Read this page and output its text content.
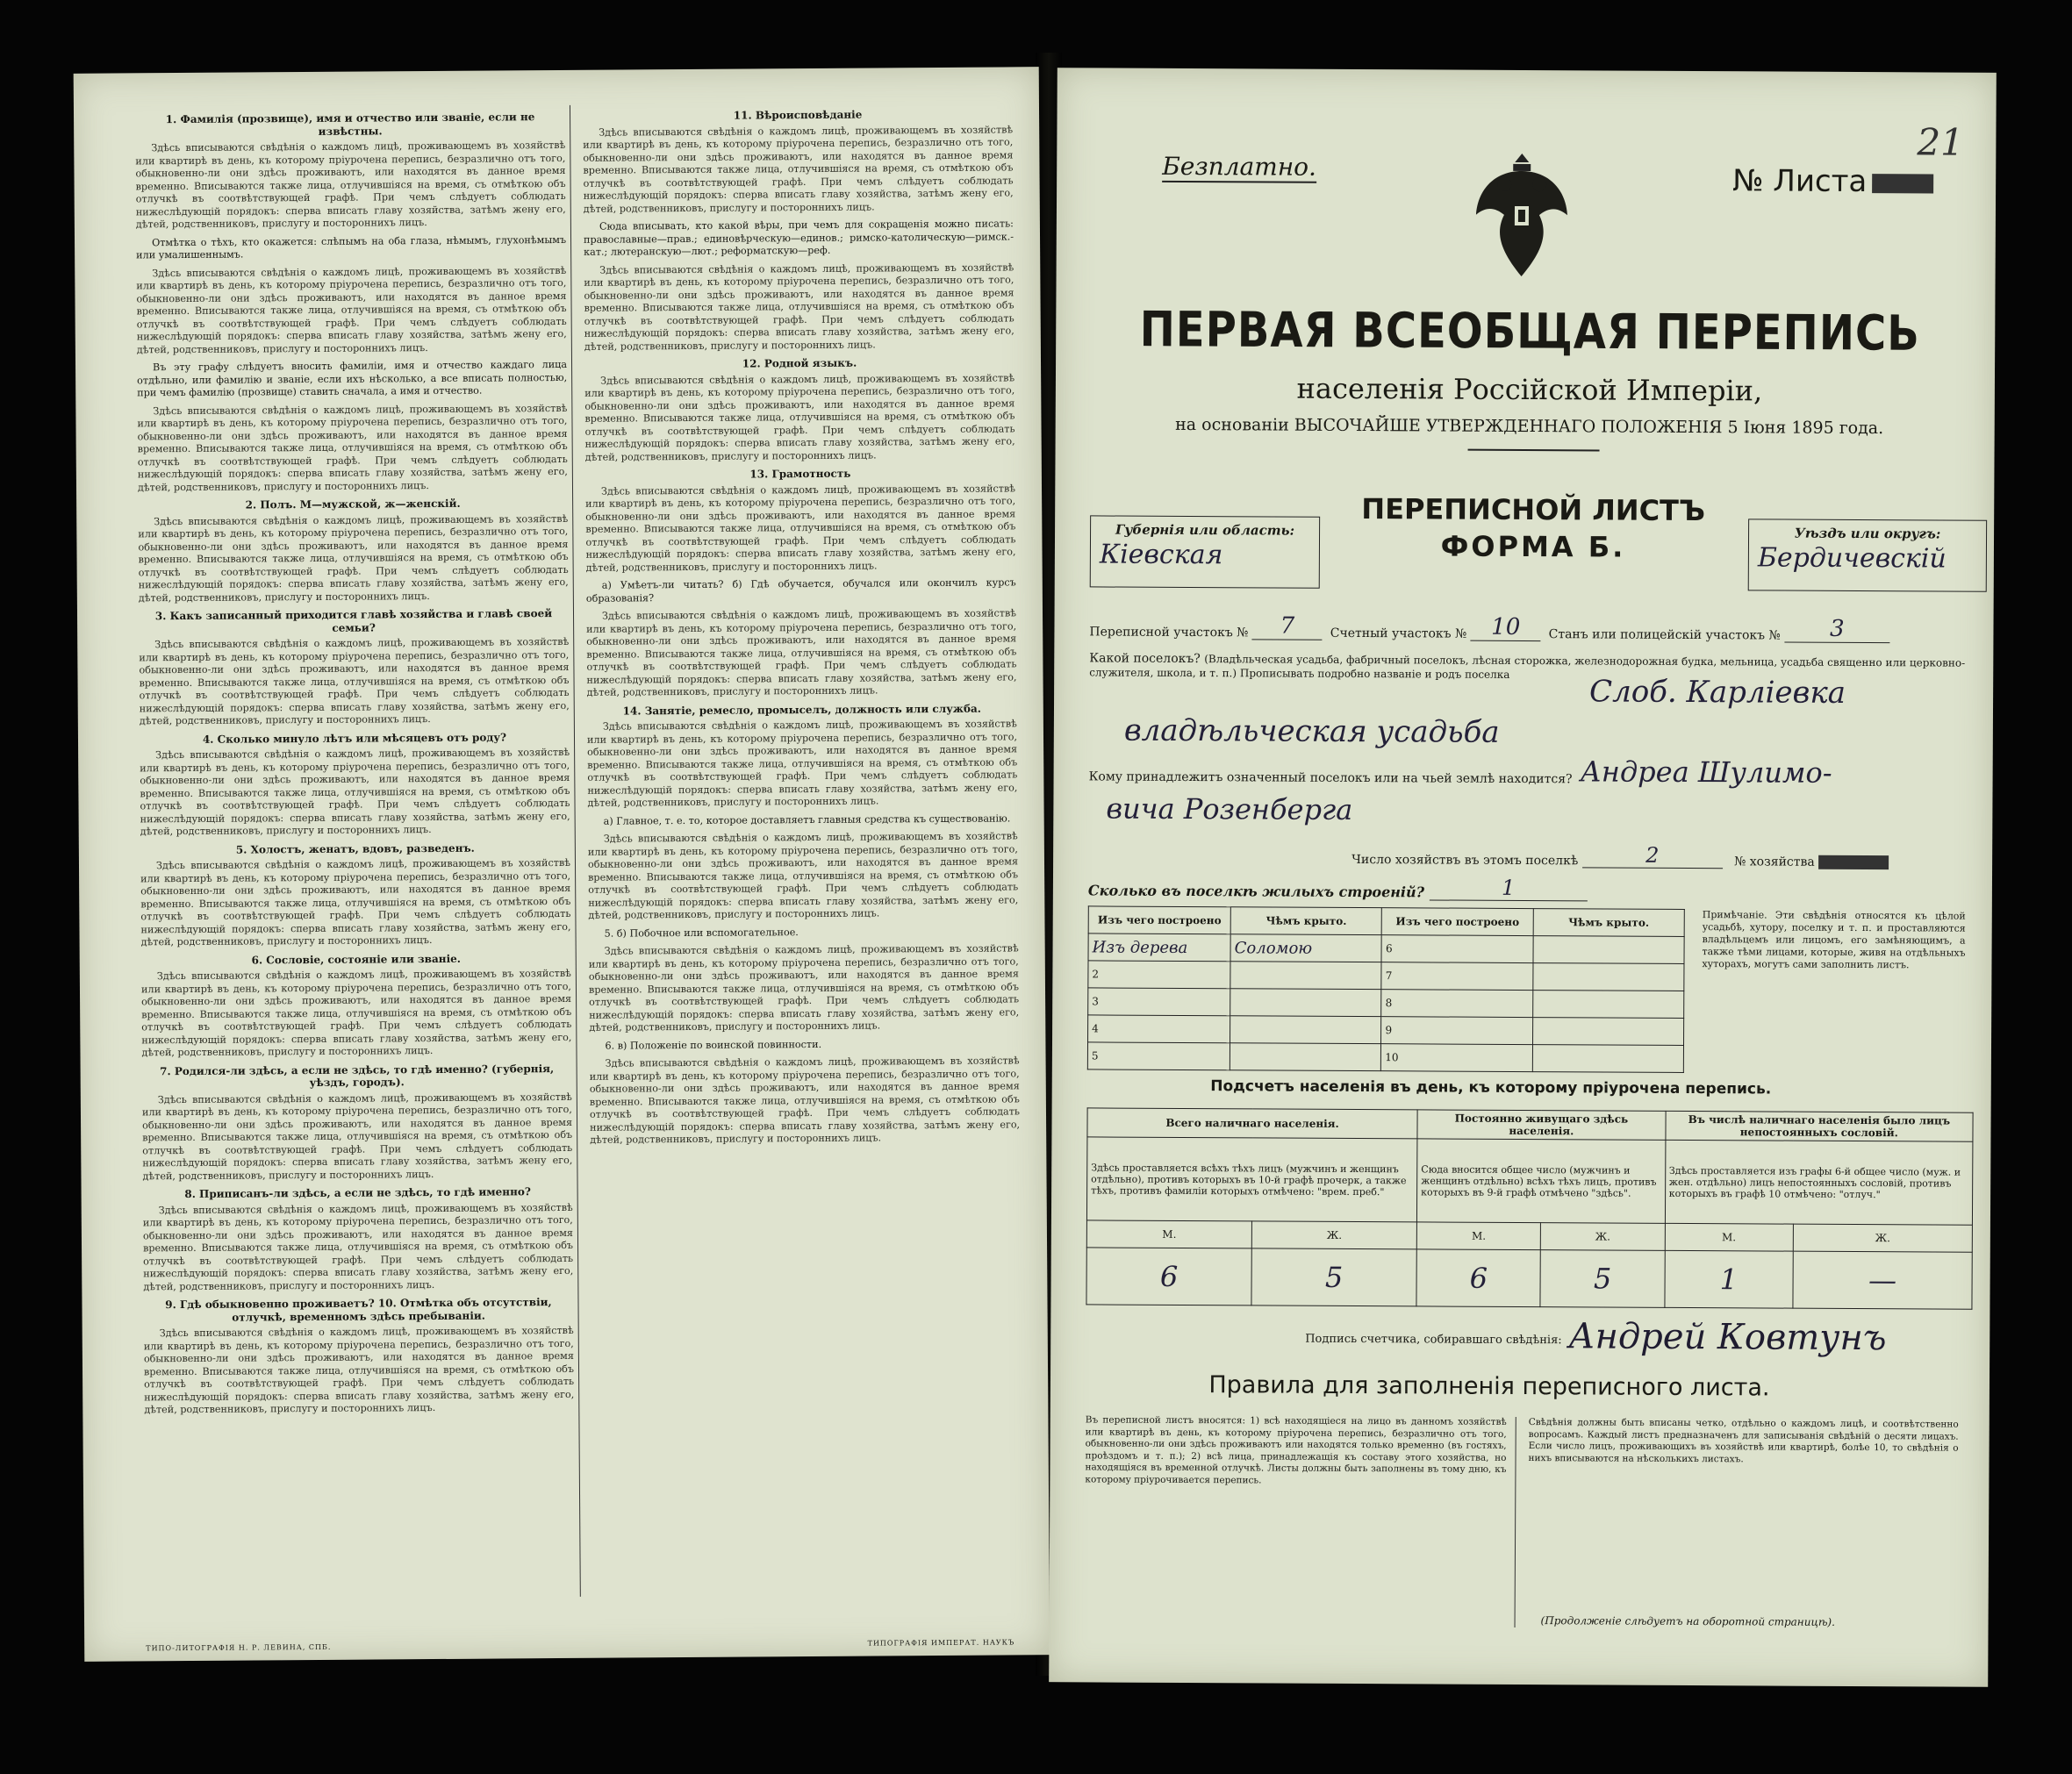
1. Фамилія (прозвище), имя и отчество или званіе, если не извѣстны.
Здѣсь вписываются свѣдѣнія о каждомъ лицѣ, проживающемъ въ хозяйствѣ или квартирѣ въ день, къ которому пріурочена перепись, безразлично отъ того, обыкновенно-ли они здѣсь проживаютъ, или находятся въ данное время временно. Вписываются также лица, отлучившіяся на время, съ отмѣткою объ отлучкѣ въ соотвѣтствующей графѣ. При чемъ слѣдуетъ соблюдать нижеслѣдующій порядокъ: сперва вписать главу хозяйства, затѣмъ жену его, дѣтей, родственниковъ, прислугу и постороннихъ лицъ.
Отмѣтка о тѣхъ, кто окажется: слѣпымъ на оба глаза, нѣмымъ, глухонѣмымъ или умалишеннымъ.
Здѣсь вписываются свѣдѣнія о каждомъ лицѣ, проживающемъ въ хозяйствѣ или квартирѣ въ день, къ которому пріурочена перепись, безразлично отъ того, обыкновенно-ли они здѣсь проживаютъ, или находятся въ данное время временно. Вписываются также лица, отлучившіяся на время, съ отмѣткою объ отлучкѣ въ соотвѣтствующей графѣ. При чемъ слѣдуетъ соблюдать нижеслѣдующій порядокъ: сперва вписать главу хозяйства, затѣмъ жену его, дѣтей, родственниковъ, прислугу и постороннихъ лицъ.
Въ эту графу слѣдуетъ вносить фамиліи, имя и отчество каждаго лица отдѣльно, или фамилію и званіе, если ихъ нѣсколько, а все вписать полностью, при чемъ фамилію (прозвище) ставить сначала, а имя и отчество.
Здѣсь вписываются свѣдѣнія о каждомъ лицѣ, проживающемъ въ хозяйствѣ или квартирѣ въ день, къ которому пріурочена перепись, безразлично отъ того, обыкновенно-ли они здѣсь проживаютъ, или находятся въ данное время временно. Вписываются также лица, отлучившіяся на время, съ отмѣткою объ отлучкѣ въ соотвѣтствующей графѣ. При чемъ слѣдуетъ соблюдать нижеслѣдующій порядокъ: сперва вписать главу хозяйства, затѣмъ жену его, дѣтей, родственниковъ, прислугу и постороннихъ лицъ.
2. Полъ. М—мужской, ж—женскій.
Здѣсь вписываются свѣдѣнія о каждомъ лицѣ, проживающемъ въ хозяйствѣ или квартирѣ въ день, къ которому пріурочена перепись, безразлично отъ того, обыкновенно-ли они здѣсь проживаютъ, или находятся въ данное время временно. Вписываются также лица, отлучившіяся на время, съ отмѣткою объ отлучкѣ въ соотвѣтствующей графѣ. При чемъ слѣдуетъ соблюдать нижеслѣдующій порядокъ: сперва вписать главу хозяйства, затѣмъ жену его, дѣтей, родственниковъ, прислугу и постороннихъ лицъ.
3. Какъ записанный приходится главѣ хозяйства и главѣ своей семьи?
Здѣсь вписываются свѣдѣнія о каждомъ лицѣ, проживающемъ въ хозяйствѣ или квартирѣ въ день, къ которому пріурочена перепись, безразлично отъ того, обыкновенно-ли они здѣсь проживаютъ, или находятся въ данное время временно. Вписываются также лица, отлучившіяся на время, съ отмѣткою объ отлучкѣ въ соотвѣтствующей графѣ. При чемъ слѣдуетъ соблюдать нижеслѣдующій порядокъ: сперва вписать главу хозяйства, затѣмъ жену его, дѣтей, родственниковъ, прислугу и постороннихъ лицъ.
4. Сколько минуло лѣтъ или мѣсяцевъ отъ роду?
Здѣсь вписываются свѣдѣнія о каждомъ лицѣ, проживающемъ въ хозяйствѣ или квартирѣ въ день, къ которому пріурочена перепись, безразлично отъ того, обыкновенно-ли они здѣсь проживаютъ, или находятся въ данное время временно. Вписываются также лица, отлучившіяся на время, съ отмѣткою объ отлучкѣ въ соотвѣтствующей графѣ. При чемъ слѣдуетъ соблюдать нижеслѣдующій порядокъ: сперва вписать главу хозяйства, затѣмъ жену его, дѣтей, родственниковъ, прислугу и постороннихъ лицъ.
5. Холостъ, женатъ, вдовъ, разведенъ.
Здѣсь вписываются свѣдѣнія о каждомъ лицѣ, проживающемъ въ хозяйствѣ или квартирѣ въ день, къ которому пріурочена перепись, безразлично отъ того, обыкновенно-ли они здѣсь проживаютъ, или находятся въ данное время временно. Вписываются также лица, отлучившіяся на время, съ отмѣткою объ отлучкѣ въ соотвѣтствующей графѣ. При чемъ слѣдуетъ соблюдать нижеслѣдующій порядокъ: сперва вписать главу хозяйства, затѣмъ жену его, дѣтей, родственниковъ, прислугу и постороннихъ лицъ.
6. Сословіе, состояніе или званіе.
Здѣсь вписываются свѣдѣнія о каждомъ лицѣ, проживающемъ въ хозяйствѣ или квартирѣ въ день, къ которому пріурочена перепись, безразлично отъ того, обыкновенно-ли они здѣсь проживаютъ, или находятся въ данное время временно. Вписываются также лица, отлучившіяся на время, съ отмѣткою объ отлучкѣ въ соотвѣтствующей графѣ. При чемъ слѣдуетъ соблюдать нижеслѣдующій порядокъ: сперва вписать главу хозяйства, затѣмъ жену его, дѣтей, родственниковъ, прислугу и постороннихъ лицъ.
7. Родился-ли здѣсь, а если не здѣсь, то гдѣ именно? (губернія, уѣздъ, городъ).
Здѣсь вписываются свѣдѣнія о каждомъ лицѣ, проживающемъ въ хозяйствѣ или квартирѣ въ день, къ которому пріурочена перепись, безразлично отъ того, обыкновенно-ли они здѣсь проживаютъ, или находятся въ данное время временно. Вписываются также лица, отлучившіяся на время, съ отмѣткою объ отлучкѣ въ соотвѣтствующей графѣ. При чемъ слѣдуетъ соблюдать нижеслѣдующій порядокъ: сперва вписать главу хозяйства, затѣмъ жену его, дѣтей, родственниковъ, прислугу и постороннихъ лицъ.
8. Приписанъ-ли здѣсь, а если не здѣсь, то гдѣ именно?
Здѣсь вписываются свѣдѣнія о каждомъ лицѣ, проживающемъ въ хозяйствѣ или квартирѣ въ день, къ которому пріурочена перепись, безразлично отъ того, обыкновенно-ли они здѣсь проживаютъ, или находятся въ данное время временно. Вписываются также лица, отлучившіяся на время, съ отмѣткою объ отлучкѣ въ соотвѣтствующей графѣ. При чемъ слѣдуетъ соблюдать нижеслѣдующій порядокъ: сперва вписать главу хозяйства, затѣмъ жену его, дѣтей, родственниковъ, прислугу и постороннихъ лицъ.
9. Гдѣ обыкновенно проживаетъ? 10. Отмѣтка объ отсутствіи, отлучкѣ, временномъ здѣсь пребываніи.
Здѣсь вписываются свѣдѣнія о каждомъ лицѣ, проживающемъ въ хозяйствѣ или квартирѣ въ день, къ которому пріурочена перепись, безразлично отъ того, обыкновенно-ли они здѣсь проживаютъ, или находятся въ данное время временно. Вписываются также лица, отлучившіяся на время, съ отмѣткою объ отлучкѣ въ соотвѣтствующей графѣ. При чемъ слѣдуетъ соблюдать нижеслѣдующій порядокъ: сперва вписать главу хозяйства, затѣмъ жену его, дѣтей, родственниковъ, прислугу и постороннихъ лицъ.
11. Вѣроисповѣданіе
Здѣсь вписываются свѣдѣнія о каждомъ лицѣ, проживающемъ въ хозяйствѣ или квартирѣ въ день, къ которому пріурочена перепись, безразлично отъ того, обыкновенно-ли они здѣсь проживаютъ, или находятся въ данное время временно. Вписываются также лица, отлучившіяся на время, съ отмѣткою объ отлучкѣ въ соотвѣтствующей графѣ. При чемъ слѣдуетъ соблюдать нижеслѣдующій порядокъ: сперва вписать главу хозяйства, затѣмъ жену его, дѣтей, родственниковъ, прислугу и постороннихъ лицъ.
Сюда вписывать, кто какой вѣры, при чемъ для сокращенія можно писать: православные—прав.; единовѣрческую—единов.; римско-католическую—римск.-кат.; лютеранскую—лют.; реформатскую—реф.
Здѣсь вписываются свѣдѣнія о каждомъ лицѣ, проживающемъ въ хозяйствѣ или квартирѣ въ день, къ которому пріурочена перепись, безразлично отъ того, обыкновенно-ли они здѣсь проживаютъ, или находятся въ данное время временно. Вписываются также лица, отлучившіяся на время, съ отмѣткою объ отлучкѣ въ соотвѣтствующей графѣ. При чемъ слѣдуетъ соблюдать нижеслѣдующій порядокъ: сперва вписать главу хозяйства, затѣмъ жену его, дѣтей, родственниковъ, прислугу и постороннихъ лицъ.
12. Родной языкъ.
Здѣсь вписываются свѣдѣнія о каждомъ лицѣ, проживающемъ въ хозяйствѣ или квартирѣ въ день, къ которому пріурочена перепись, безразлично отъ того, обыкновенно-ли они здѣсь проживаютъ, или находятся въ данное время временно. Вписываются также лица, отлучившіяся на время, съ отмѣткою объ отлучкѣ въ соотвѣтствующей графѣ. При чемъ слѣдуетъ соблюдать нижеслѣдующій порядокъ: сперва вписать главу хозяйства, затѣмъ жену его, дѣтей, родственниковъ, прислугу и постороннихъ лицъ.
13. Грамотность
Здѣсь вписываются свѣдѣнія о каждомъ лицѣ, проживающемъ въ хозяйствѣ или квартирѣ въ день, къ которому пріурочена перепись, безразлично отъ того, обыкновенно-ли они здѣсь проживаютъ, или находятся въ данное время временно. Вписываются также лица, отлучившіяся на время, съ отмѣткою объ отлучкѣ въ соотвѣтствующей графѣ. При чемъ слѣдуетъ соблюдать нижеслѣдующій порядокъ: сперва вписать главу хозяйства, затѣмъ жену его, дѣтей, родственниковъ, прислугу и постороннихъ лицъ.
а) Умѣетъ-ли читать? б) Гдѣ обучается, обучался или окончилъ курсъ образованія?
Здѣсь вписываются свѣдѣнія о каждомъ лицѣ, проживающемъ въ хозяйствѣ или квартирѣ въ день, къ которому пріурочена перепись, безразлично отъ того, обыкновенно-ли они здѣсь проживаютъ, или находятся въ данное время временно. Вписываются также лица, отлучившіяся на время, съ отмѣткою объ отлучкѣ въ соотвѣтствующей графѣ. При чемъ слѣдуетъ соблюдать нижеслѣдующій порядокъ: сперва вписать главу хозяйства, затѣмъ жену его, дѣтей, родственниковъ, прислугу и постороннихъ лицъ.
14. Занятіе, ремесло, промыселъ, должность или служба.
Здѣсь вписываются свѣдѣнія о каждомъ лицѣ, проживающемъ въ хозяйствѣ или квартирѣ въ день, къ которому пріурочена перепись, безразлично отъ того, обыкновенно-ли они здѣсь проживаютъ, или находятся въ данное время временно. Вписываются также лица, отлучившіяся на время, съ отмѣткою объ отлучкѣ въ соотвѣтствующей графѣ. При чемъ слѣдуетъ соблюдать нижеслѣдующій порядокъ: сперва вписать главу хозяйства, затѣмъ жену его, дѣтей, родственниковъ, прислугу и постороннихъ лицъ.
а) Главное, т. е. то, которое доставляетъ главныя средства къ существованію.
Здѣсь вписываются свѣдѣнія о каждомъ лицѣ, проживающемъ въ хозяйствѣ или квартирѣ въ день, къ которому пріурочена перепись, безразлично отъ того, обыкновенно-ли они здѣсь проживаютъ, или находятся въ данное время временно. Вписываются также лица, отлучившіяся на время, съ отмѣткою объ отлучкѣ въ соотвѣтствующей графѣ. При чемъ слѣдуетъ соблюдать нижеслѣдующій порядокъ: сперва вписать главу хозяйства, затѣмъ жену его, дѣтей, родственниковъ, прислугу и постороннихъ лицъ.
5. б) Побочное или вспомогательное.
Здѣсь вписываются свѣдѣнія о каждомъ лицѣ, проживающемъ въ хозяйствѣ или квартирѣ въ день, къ которому пріурочена перепись, безразлично отъ того, обыкновенно-ли они здѣсь проживаютъ, или находятся въ данное время временно. Вписываются также лица, отлучившіяся на время, съ отмѣткою объ отлучкѣ въ соотвѣтствующей графѣ. При чемъ слѣдуетъ соблюдать нижеслѣдующій порядокъ: сперва вписать главу хозяйства, затѣмъ жену его, дѣтей, родственниковъ, прислугу и постороннихъ лицъ.
6. в) Положеніе по воинской повинности.
Здѣсь вписываются свѣдѣнія о каждомъ лицѣ, проживающемъ въ хозяйствѣ или квартирѣ въ день, къ которому пріурочена перепись, безразлично отъ того, обыкновенно-ли они здѣсь проживаютъ, или находятся въ данное время временно. Вписываются также лица, отлучившіяся на время, съ отмѣткою объ отлучкѣ въ соотвѣтствующей графѣ. При чемъ слѣдуетъ соблюдать нижеслѣдующій порядокъ: сперва вписать главу хозяйства, затѣмъ жену его, дѣтей, родственниковъ, прислугу и постороннихъ лицъ.
ТИПО-ЛИТОГРАФІЯ Н. Р. ЛЕВИНА, СПБ.
ТИПОГРАФІЯ ИМПЕРАТ. НАУКЪ
Безплатно.	№ Листа
21
ПЕРВАЯ ВСЕОБЩАЯ ПЕРЕПИСЬ
населенія Россійской Имперіи,
на основаніи ВЫСОЧАЙШЕ УТВЕРЖДЕННАГО ПОЛОЖЕНІЯ 5 Іюня 1895 года.
Губернія или область:
Кiевская
ПЕРЕПИСНОЙ ЛИСТЪ
ФОРМА Б.	Уѣздъ или округъ:
Бердичевскiй
Переписной участокъ № 7	Счетный участокъ № 10 Станъ или полицейскій участокъ № 3
Какой поселокъ? (Владѣльческая усадьба, фабричный поселокъ, лѣсная сторожка, железнодорожная будка, мельница, усадьба священно или церковно-служителя, школа, и т. п.) Прописывать подробно названіе и родъ поселка
Слоб. Карлiевка
владѣльческая усадьба
Кому принадлежитъ означенный поселокъ или на чьей землѣ находится? Андреа Шулимо-
вича Розенберга
Число хозяйствъ въ этомъ поселкѣ	2	№ хозяйства
Сколько въ поселкѣ жилыхъ строеній?	1
Изъ чего построено	Чѣмъ крыто.	Изъ чего построено	Чѣмъ крыто.
Изъ дерева	Соломою	6	
2		7	
3		8	
4		9	
5		10	
Примѣчаніе. Эти свѣдѣнія относятся къ цѣлой усадьбѣ, хутору, поселку и т. п. и проставляются владѣльцемъ или лицомъ, его замѣняющимъ, а также тѣми лицами, которые, живя на отдѣльныхъ хуторахъ, могутъ сами заполнить листъ.
Подсчетъ населенія въ день, къ которому пріурочена перепись.
Всего наличнаго населенія.		Постоянно живущаго здѣсь населенія.		Въ числѣ наличнаго населенія было лицъ непостоянныхъ сословій.	
Здѣсь проставляется всѣхъ тѣхъ лицъ (мужчинъ и женщинъ отдѣльно), противъ которыхъ въ 10-й графѣ прочерк, а также тѣхъ, противъ фамиліи которыхъ отмѣчено: "врем. преб."		Сюда вносится общее число (мужчинъ и женщинъ отдѣльно) всѣхъ тѣхъ лицъ, противъ которыхъ въ 9-й графѣ отмѣчено "здѣсь".		Здѣсь проставляется изъ графы 6-й общее число (муж. и жен. отдѣльно) лицъ непостоянныхъ сословій, противъ которыхъ въ графѣ 10 отмѣчено: "отлуч."	
М.	Ж.	М.	Ж.	М.	Ж.
6	5	6	5	1	—
Подпись счетчика, собиравшаго свѣдѣнія: Андрей Ковтунъ
Правила для заполненія переписного листа.
Въ переписной листъ вносятся: 1) всѣ находящіеся на лицо въ данномъ хозяйствѣ или квартирѣ въ день, къ которому пріурочена перепись, безразлично отъ того, обыкновенно-ли они здѣсь проживаютъ или находятся только временно (въ гостяхъ, проѣздомъ и т. п.); 2) всѣ лица, принадлежащія къ составу этого хозяйства, но находящіяся въ временной отлучкѣ. Листы должны быть заполнены въ тому дню, къ которому пріурочивается перепись.
Свѣдѣнія должны быть вписаны четко, отдѣльно о каждомъ лицѣ, и соотвѣтственно вопросамъ. Каждый листъ предназначенъ для записыванія свѣдѣній о десяти лицахъ. Если число лицъ, проживающихъ въ хозяйствѣ или квартирѣ, болѣе 10, то свѣдѣнія о нихъ вписываются на нѣсколькихъ листахъ.
(Продолженіе слѣдуетъ на оборотной страницѣ).
